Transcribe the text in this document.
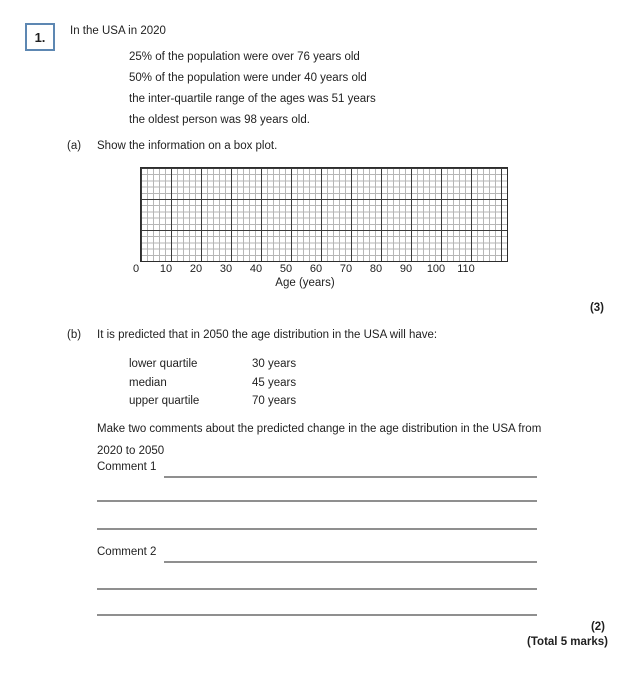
1. In the USA in 2020
25% of the population were over 76 years old
50% of the population were under 40 years old
the inter-quartile range of the ages was 51 years
the oldest person was 98 years old.
(a) Show the information on a box plot.
0	10	20	30	40	50	60	70	80	90	100	110
Age (years)
(3)
(b) It is predicted that in 2050 the age distribution in the USA will have:
lower quartile	30 years
median	45 years
upper quartile	70 years
Make two comments about the predicted change in the age distribution in the USA from
2020 to 2050
Comment 1
Comment 2
(2)
(Total 5 marks)
